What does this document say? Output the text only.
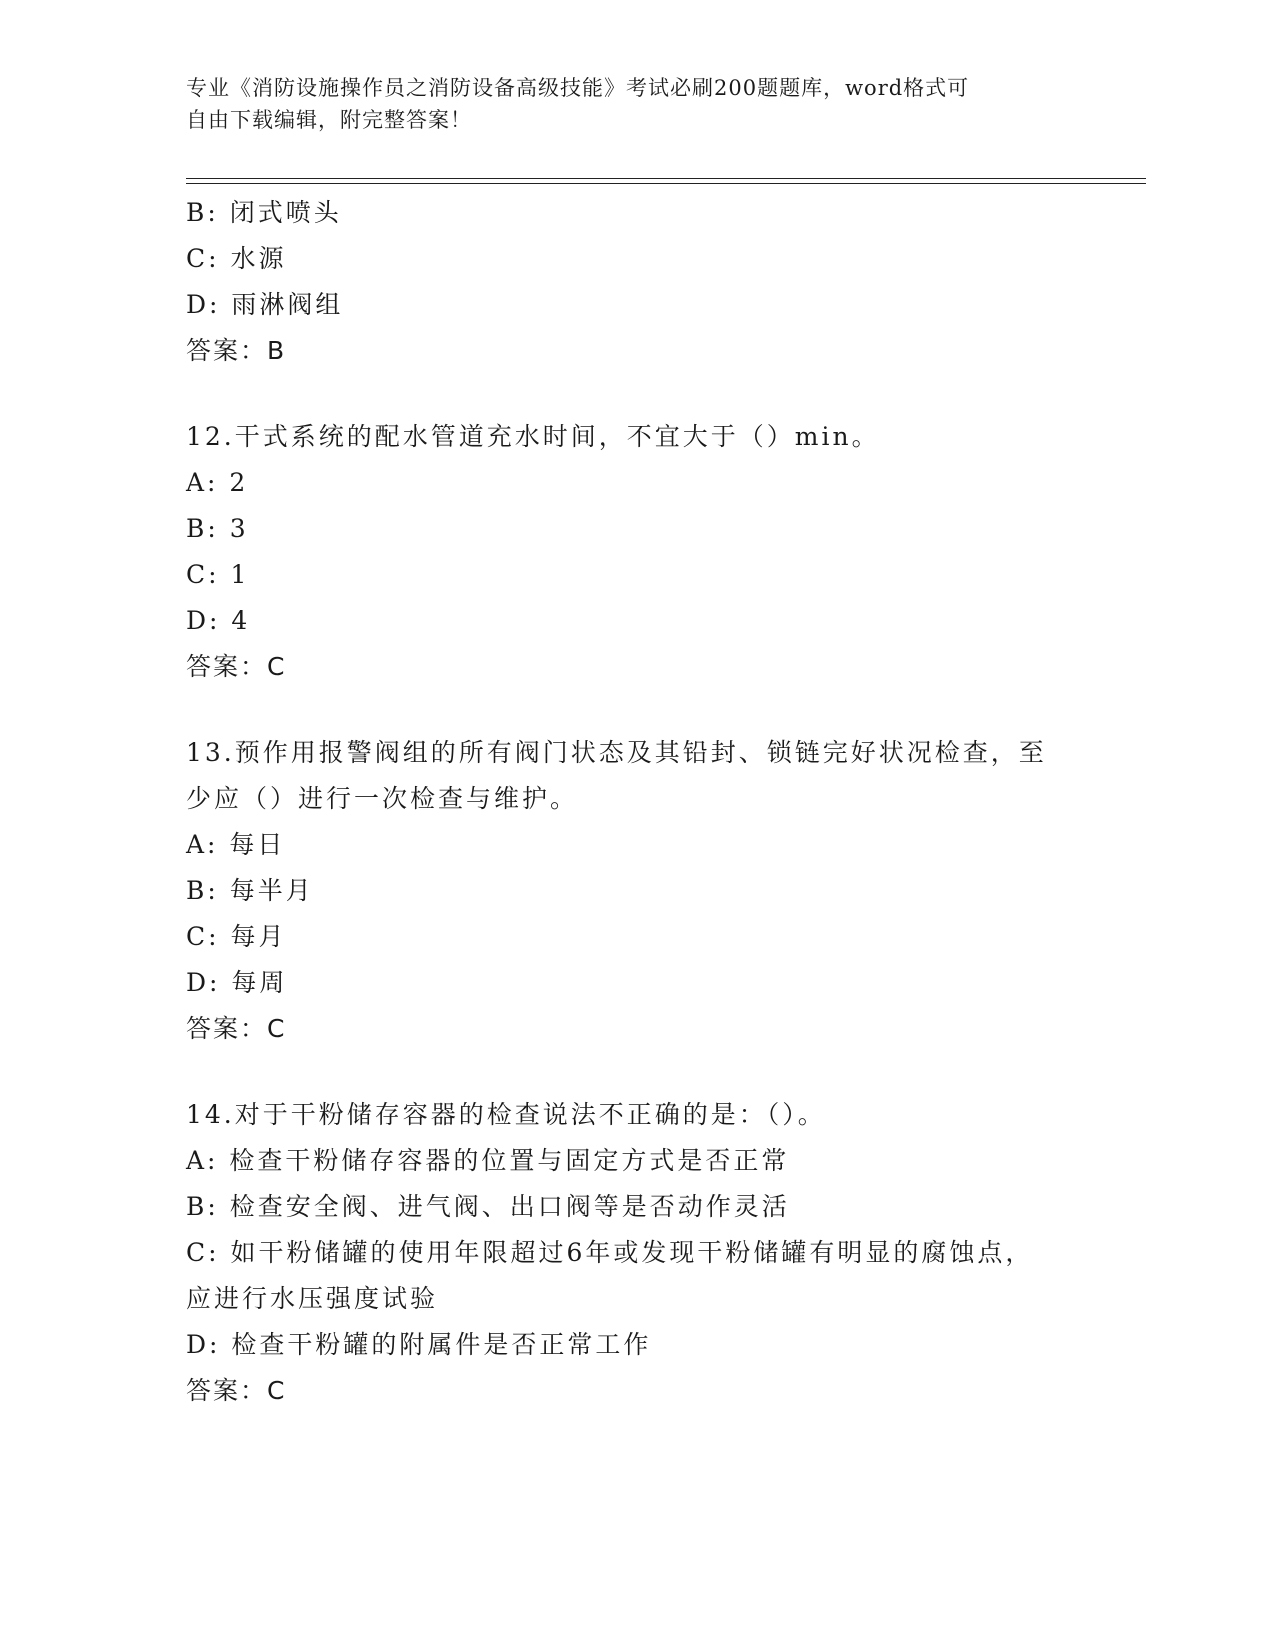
专业《消防设施操作员之消防设备高级技能》考试必刷200题题库，word格式可
自由下载编辑，附完整答案！
B: 闭式喷头
C: 水源
D: 雨淋阀组
答案：B
12.干式系统的配水管道充水时间，不宜大于（）min。
A: 2
B: 3
C: 1
D: 4
答案：C
13.预作用报警阀组的所有阀门状态及其铅封、锁链完好状况检查，至
少应（）进行一次检查与维护。
A: 每日
B: 每半月
C: 每月
D: 每周
答案：C
14.对于干粉储存容器的检查说法不正确的是：（）。
A: 检查干粉储存容器的位置与固定方式是否正常
B: 检查安全阀、进气阀、出口阀等是否动作灵活
C: 如干粉储罐的使用年限超过6年或发现干粉储罐有明显的腐蚀点，
应进行水压强度试验
D: 检查干粉罐的附属件是否正常工作
答案：C
